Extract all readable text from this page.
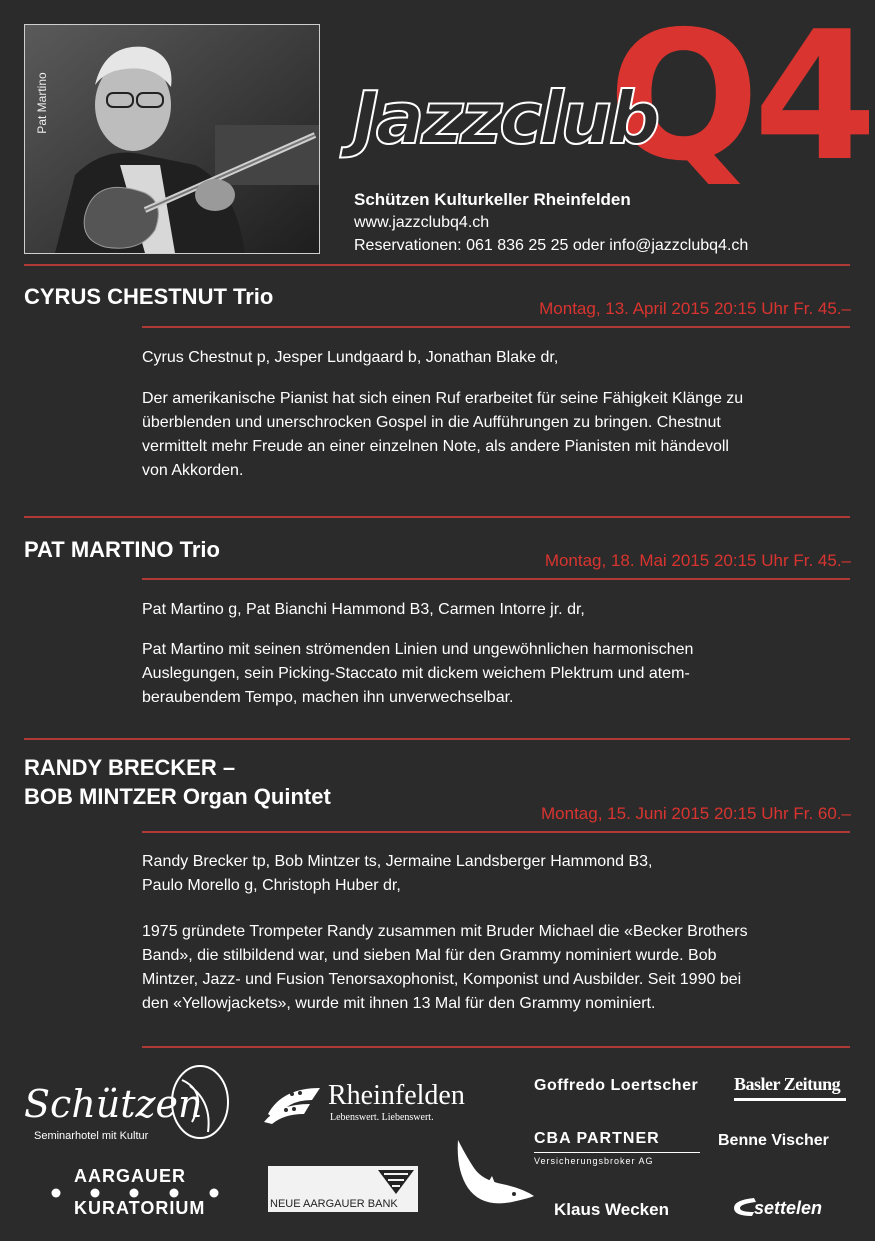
Pat Martino	Q4
Jazzclub
Schützen Kulturkeller Rheinfelden
www.jazzclubq4.ch
Reservationen: 061 836 25 25 oder info@jazzclubq4.ch
CYRUS CHESTNUT Trio	Montag, 13. April 2015 20:15 Uhr Fr. 45.–
Cyrus Chestnut p, Jesper Lundgaard b, Jonathan Blake dr,
Der amerikanische Pianist hat sich einen Ruf erarbeitet für seine Fähigkeit Klänge zu
überblenden und unerschrocken Gospel in die Aufführungen zu bringen. Chestnut
vermittelt mehr Freude an einer einzelnen Note, als andere Pianisten mit händevoll
von Akkorden.
PAT MARTINO Trio	Montag, 18. Mai 2015 20:15 Uhr Fr. 45.–
Pat Martino g, Pat Bianchi Hammond B3, Carmen Intorre jr. dr,
Pat Martino mit seinen strömenden Linien und ungewöhnlichen harmonischen
Auslegungen, sein Picking-Staccato mit dickem weichem Plektrum und atem-
beraubendem Tempo, machen ihn unverwechselbar.
RANDY BRECKER –
BOB MINTZER Organ Quintet
Montag, 15. Juni 2015 20:15 Uhr Fr. 60.–
Randy Brecker tp, Bob Mintzer ts, Jermaine Landsberger Hammond B3,
Paulo Morello g, Christoph Huber dr,
1975 gründete Trompeter Randy zusammen mit Bruder Michael die «Becker Brothers
Band», die stilbildend war, und sieben Mal für den Grammy nominiert wurde. Bob
Mintzer, Jazz- und Fusion Tenorsaxophonist, Komponist und Ausbilder. Seit 1990 bei
den «Yellowjackets», wurde mit ihnen 13 Mal für den Grammy nominiert.
Schützen
Seminarhotel mit Kultur
Rheinfelden
Lebenswert. Liebenswert.
Goffredo Loertscher Basler Zeitung
CBA PARTNER
Versicherungsbroker AG
Benne Vischer
AARGAUER
KURATORIUM	NEUE AARGAUER BANK	Klaus Wecken	settelen
